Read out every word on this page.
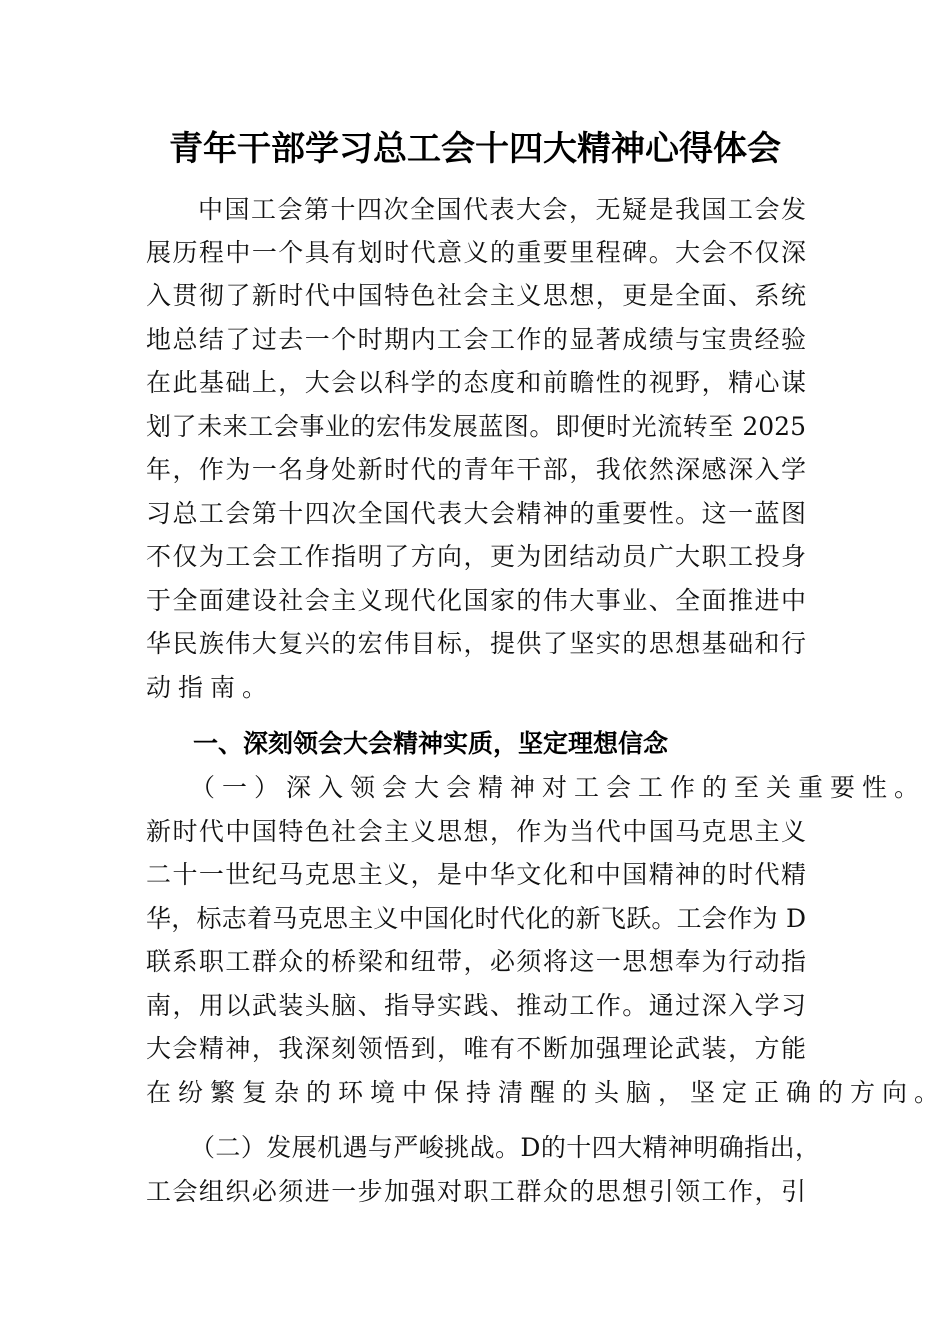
青年干部学习总工会十四大精神心得体会
中国工会第十四次全国代表大会，无疑是我国工会发
展历程中一个具有划时代意义的重要里程碑。大会不仅深
入贯彻了新时代中国特色社会主义思想，更是全面、系统
地总结了过去一个时期内工会工作的显著成绩与宝贵经验
在此基础上，大会以科学的态度和前瞻性的视野，精心谋
划了未来工会事业的宏伟发展蓝图。即便时光流转至 2025
年，作为一名身处新时代的青年干部，我依然深感深入学
习总工会第十四次全国代表大会精神的重要性。这一蓝图
不仅为工会工作指明了方向，更为团结动员广大职工投身
于全面建设社会主义现代化国家的伟大事业、全面推进中
华民族伟大复兴的宏伟目标，提供了坚实的思想基础和行
动指南。
一、深刻领会大会精神实质，坚定理想信念
（一）深入领会大会精神对工会工作的至关重要性。
新时代中国特色社会主义思想，作为当代中国马克思主义
二十一世纪马克思主义，是中华文化和中国精神的时代精
华，标志着马克思主义中国化时代化的新飞跃。工会作为 D
联系职工群众的桥梁和纽带，必须将这一思想奉为行动指
南，用以武装头脑、指导实践、推动工作。通过深入学习
大会精神，我深刻领悟到，唯有不断加强理论武装，方能
在纷繁复杂的环境中保持清醒的头脑，坚定正确的方向。
（二）发展机遇与严峻挑战。D的十四大精神明确指出，
工会组织必须进一步加强对职工群众的思想引领工作，引
